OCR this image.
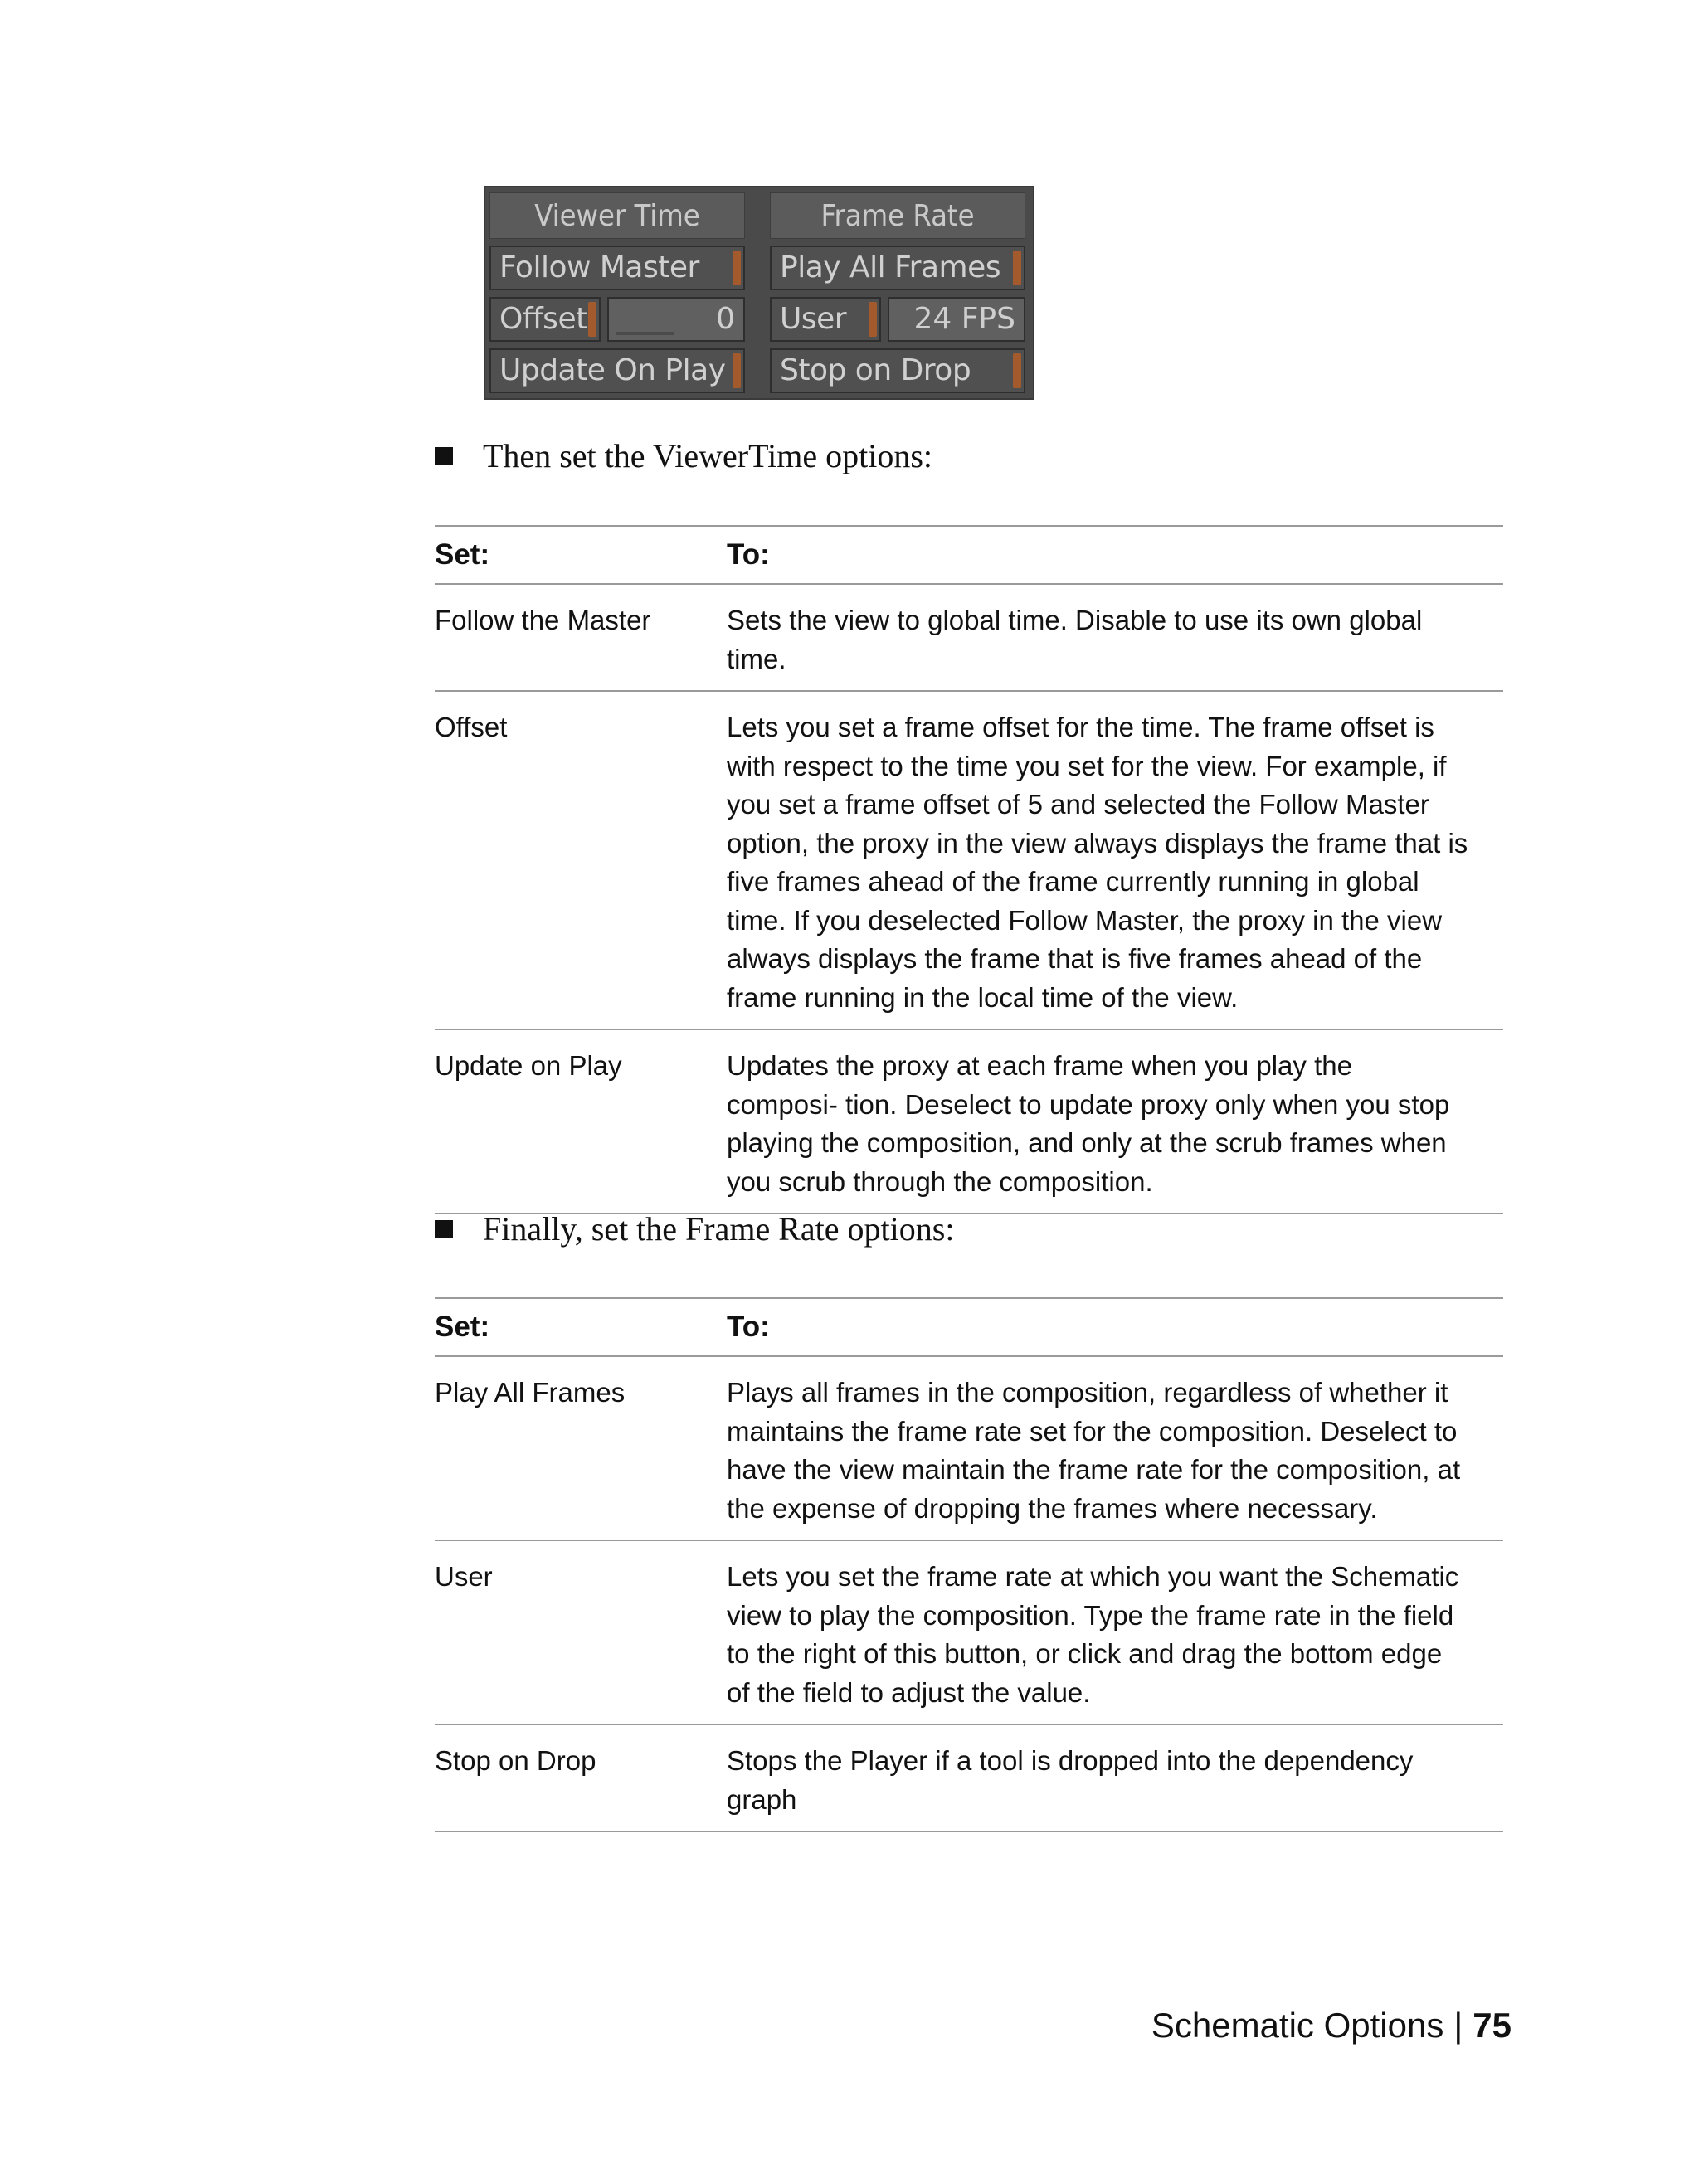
Viewer Time
Follow Master
Offset	0
Update On Play
Frame Rate
Play All Frames
User	24 FPS
Stop on Drop
Then set the ViewerTime options:
Set:	To:
Follow the Master	Sets the view to global time. Disable to use its own global time.
Offset	Lets you set a frame offset for the time. The frame offset is with respect to the time you set for the view. For example, if you set a frame offset of 5 and selected the Follow Master option, the proxy in the view always displays the frame that is five frames ahead of the frame currently running in global time. If you deselected Follow Master, the proxy in the view always displays the frame that is five frames ahead of the frame running in the local time of the view.
Update on Play	Updates the proxy at each frame when you play the composi- tion. Deselect to update proxy only when you stop playing the composition, and only at the scrub frames when you scrub through the composition.
Finally, set the Frame Rate options:
Set:	To:
Play All Frames	Plays all frames in the composition, regardless of whether it maintains the frame rate set for the composition. Deselect to have the view maintain the frame rate for the composition, at the expense of dropping the frames where necessary.
User	Lets you set the frame rate at which you want the Schematic view to play the composition. Type the frame rate in the field to the right of this button, or click and drag the bottom edge of the field to adjust the value.
Stop on Drop	Stops the Player if a tool is dropped into the dependency graph
Schematic Options | 75
